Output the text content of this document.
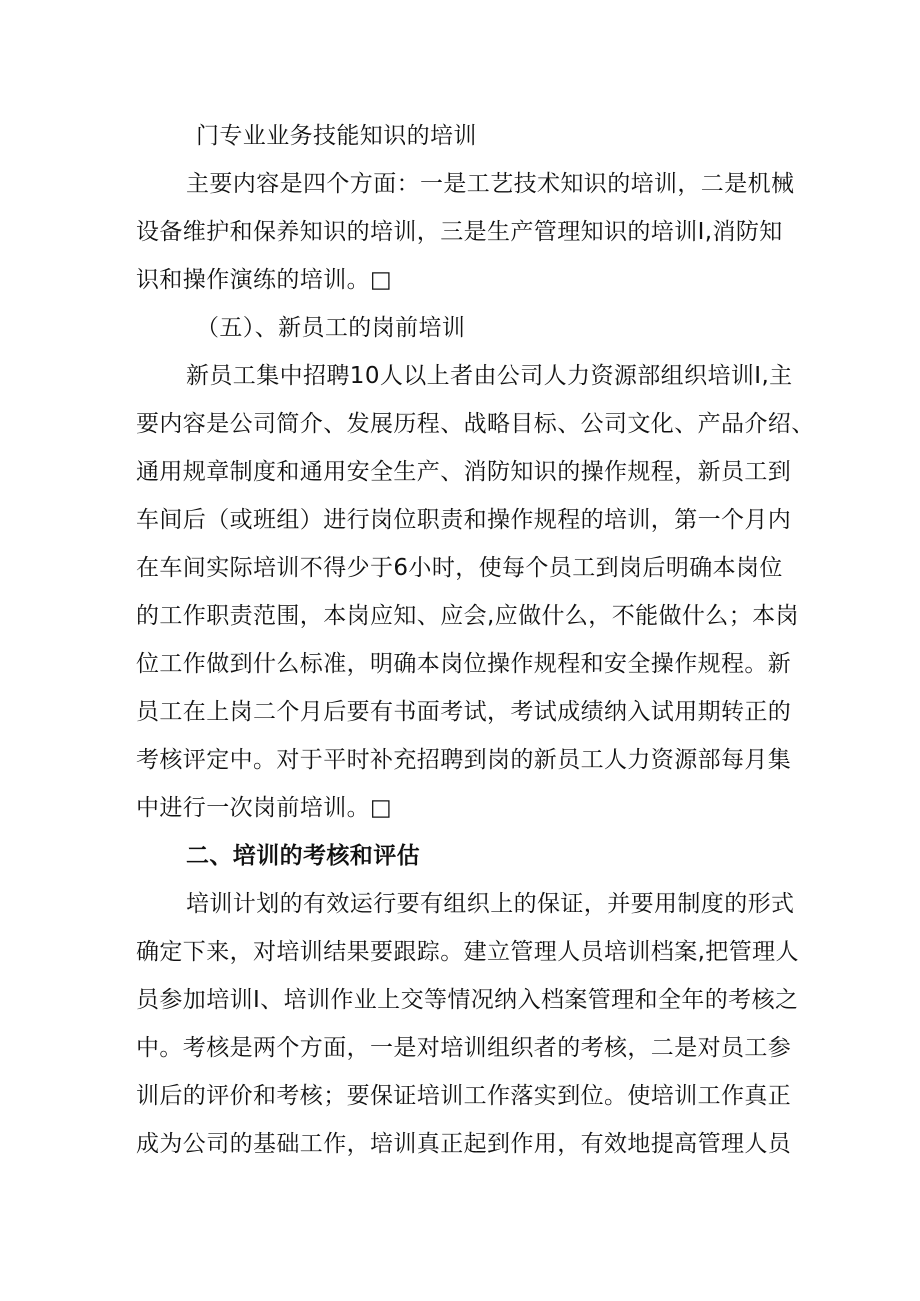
门专业业务技能知识的培训
主要内容是四个方面：一是工艺技术知识的培训，二是机械
设备维护和保养知识的培训，三是生产管理知识的培训I,消防知
识和操作演练的培训。□
（五）、新员工的岗前培训
新员工集中招聘10人以上者由公司人力资源部组织培训I,主
要内容是公司简介、发展历程、战略目标、公司文化、产品介绍、
通用规章制度和通用安全生产、消防知识的操作规程，新员工到
车间后（或班组）进行岗位职责和操作规程的培训，第一个月内
在车间实际培训不得少于6小时，使每个员工到岗后明确本岗位
的工作职责范围，本岗应知、应会,应做什么，不能做什么；本岗
位工作做到什么标准，明确本岗位操作规程和安全操作规程。新
员工在上岗二个月后要有书面考试，考试成绩纳入试用期转正的
考核评定中。对于平时补充招聘到岗的新员工人力资源部每月集
中进行一次岗前培训。□
二、培训的考核和评估
培训计划的有效运行要有组织上的保证，并要用制度的形式
确定下来，对培训结果要跟踪。建立管理人员培训档案,把管理人
员参加培训I、培训作业上交等情况纳入档案管理和全年的考核之
中。考核是两个方面，一是对培训组织者的考核，二是对员工参
训后的评价和考核；要保证培训工作落实到位。使培训工作真正
成为公司的基础工作，培训真正起到作用，有效地提高管理人员
